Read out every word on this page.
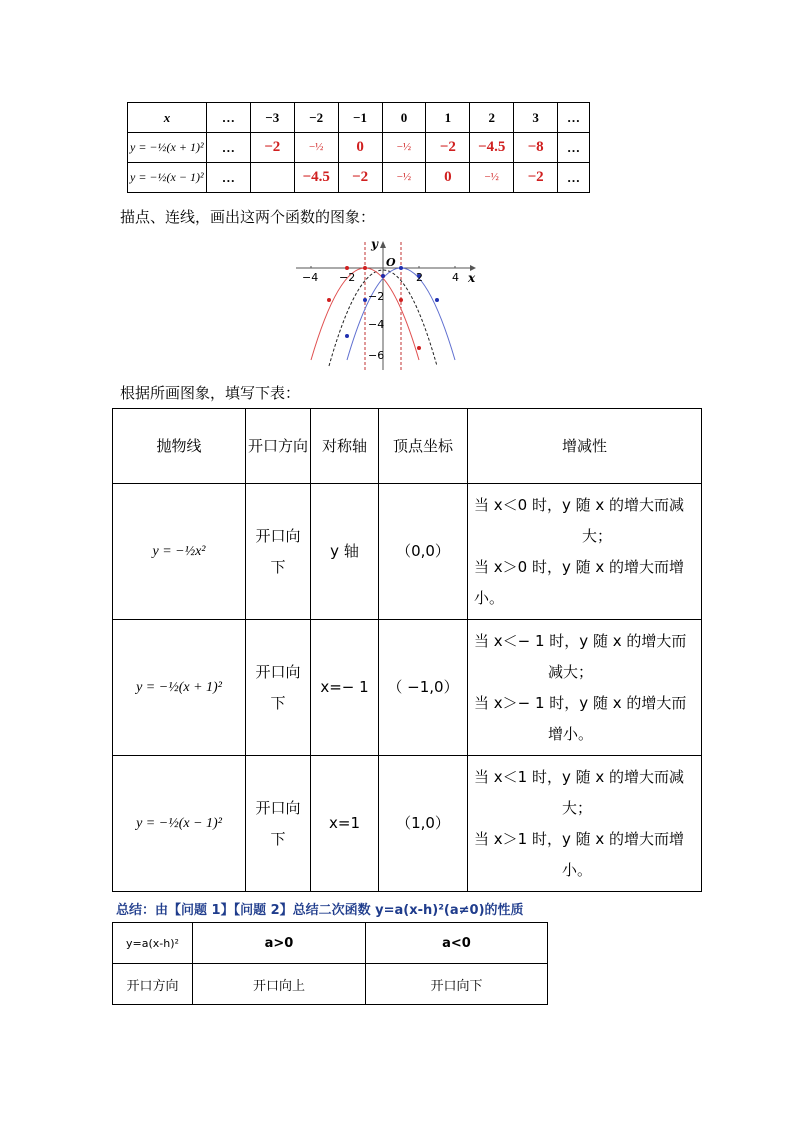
x	…	−3	−2	−1	0	1	2	3	…
y = −½(x + 1)²	…	−2	−½	0	−½	−2	−4.5	−8	…
y = −½(x − 1)²	…		−4.5	−2	−½	0	−½	−2	…
描点、连线，画出这两个函数的图象：
−4 −2	2	4
−2
−4
−6
x
y
O
根据所画图象，填写下表：
抛物线	开口方向	对称轴	顶点坐标	增减性
y = −½x²	开口向下	y 轴	（0,0）	当 x＜0 时，y 随 x 的增大而减
大；
当 x＞0 时，y 随 x 的增大而增
小。

y = −½(x + 1)²	开口向下	x=− 1	（ −1,0）	当 x＜− 1 时，y 随 x 的增大而
减大；
当 x＞− 1 时，y 随 x 的增大而
增小。

y = −½(x − 1)²	开口向下	x=1	（1,0）	当 x＜1 时，y 随 x 的增大而减
大；
当 x＞1 时，y 随 x 的增大而增
小。
总结：由【问题 1】【问题 2】总结二次函数 y=a(x-h)²(a≠0)的性质
y=a(x-h)²	a>0	a<0
开口方向	开口向上	开口向下
